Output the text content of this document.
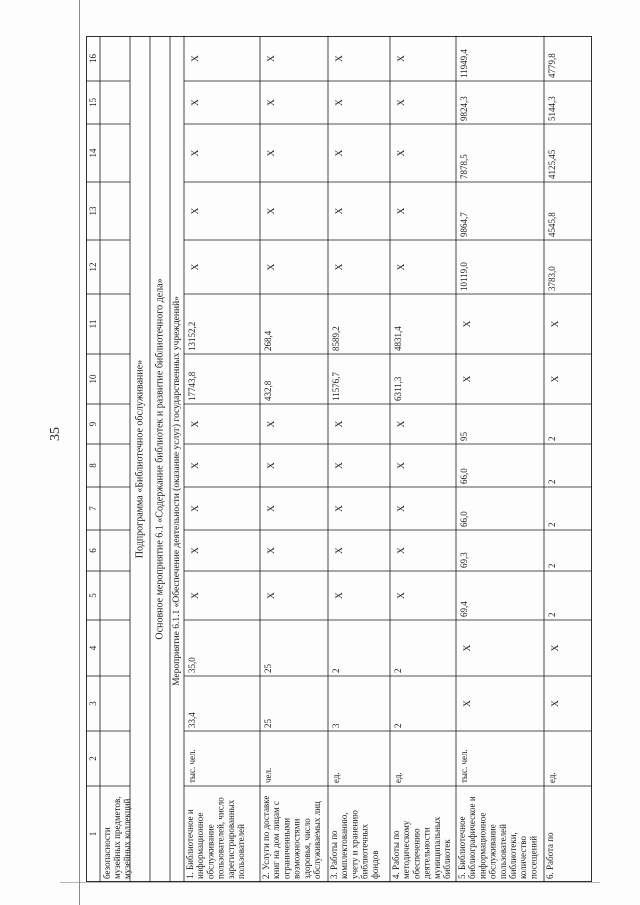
35
1
2
3
4
5
6
7
8
9
10
11
12
13
14
15
16
безопасности музейных предметов, музейных коллекций
Подпрограмма «Библиотечное обслуживание» Основное мероприятие 6.1 «Содержание библиотек и развитие библиотечного дела» Мероприятие 6.1.1 «Обеспечение деятельности (оказание услуг) государственных учреждений»
1. Библиотечное и информационное обслуживание пользователей, число зарегистрированных пользователей
тыс. чел.
33,4
35,0
X
X
X
X
X
17743,8
13152,2
X
X
X
X
X
2. Услуги по доставке книг на дом лицам с ограниченными возможностями здоровья, число обслуживаемых лиц
чел.
25
25
X
X
X
X
X
432,8
268,4
X
X
X
X
X
3. Работы по комплектованию, учету и хранению библиотечных фондов
ед.
3
2
X
X
X
X
X
11576,7
8589,2
X
X
X
X
X
4. Работы по методическому обеспечению деятельности муниципальных библиотек
ед.
2
2
X
X
X
X
X
6311,3
4831,4
X
X
X
X
X
5. Библиотечное библиографическое и информационное обслуживание пользователей библиотеки, количество посещений
тыс. чел.
X
X
69,4
69,3
66,0
66,0
95
X
X
10119,0
9864,7
7878,5
9824,3
11949,4
6. Работа по
ед.
X
X
2
2
2
2
2
X
X
3783,0
4545,8
4125,45
5144,3
4779,8
